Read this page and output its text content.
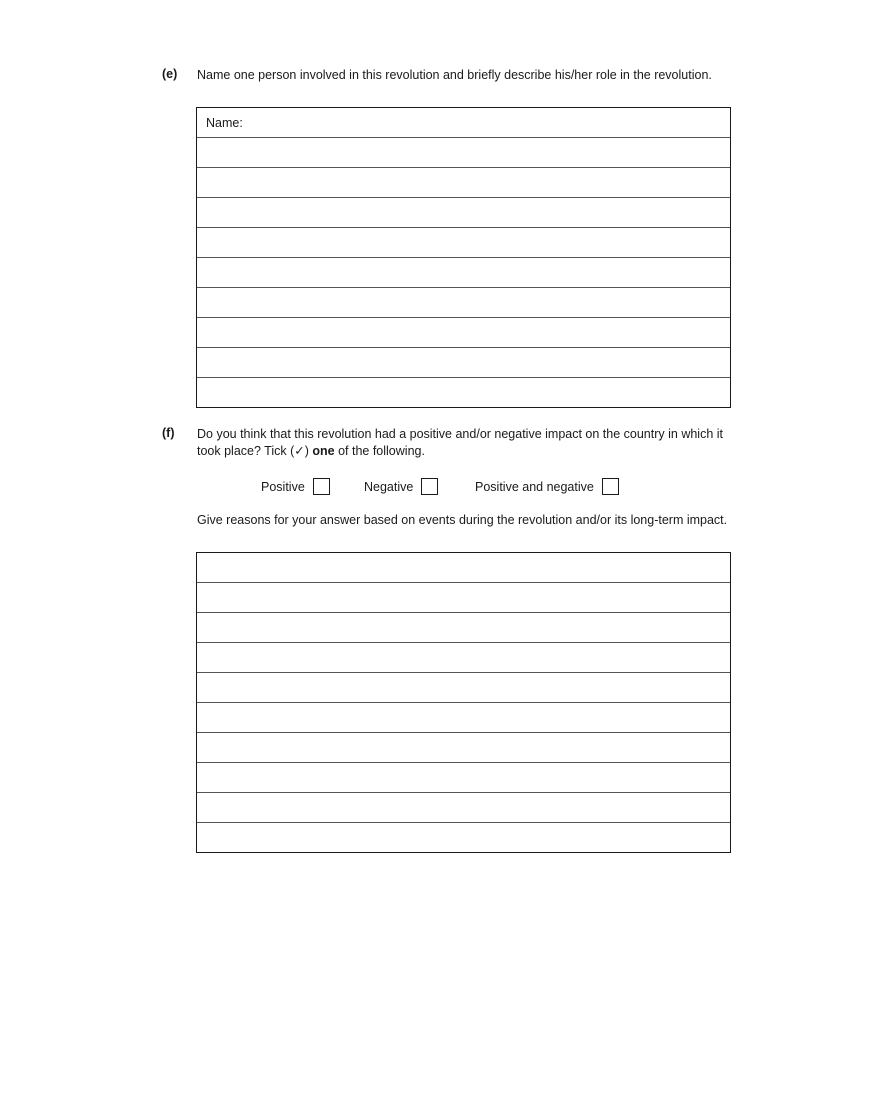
(e) Name one person involved in this revolution and briefly describe his/her role in the revolution.
Name:
(f) Do you think that this revolution had a positive and/or negative impact on the country in which it took place? Tick (✓) one of the following.
Positive	Negative	Positive and negative
Give reasons for your answer based on events during the revolution and/or its long-term impact.
